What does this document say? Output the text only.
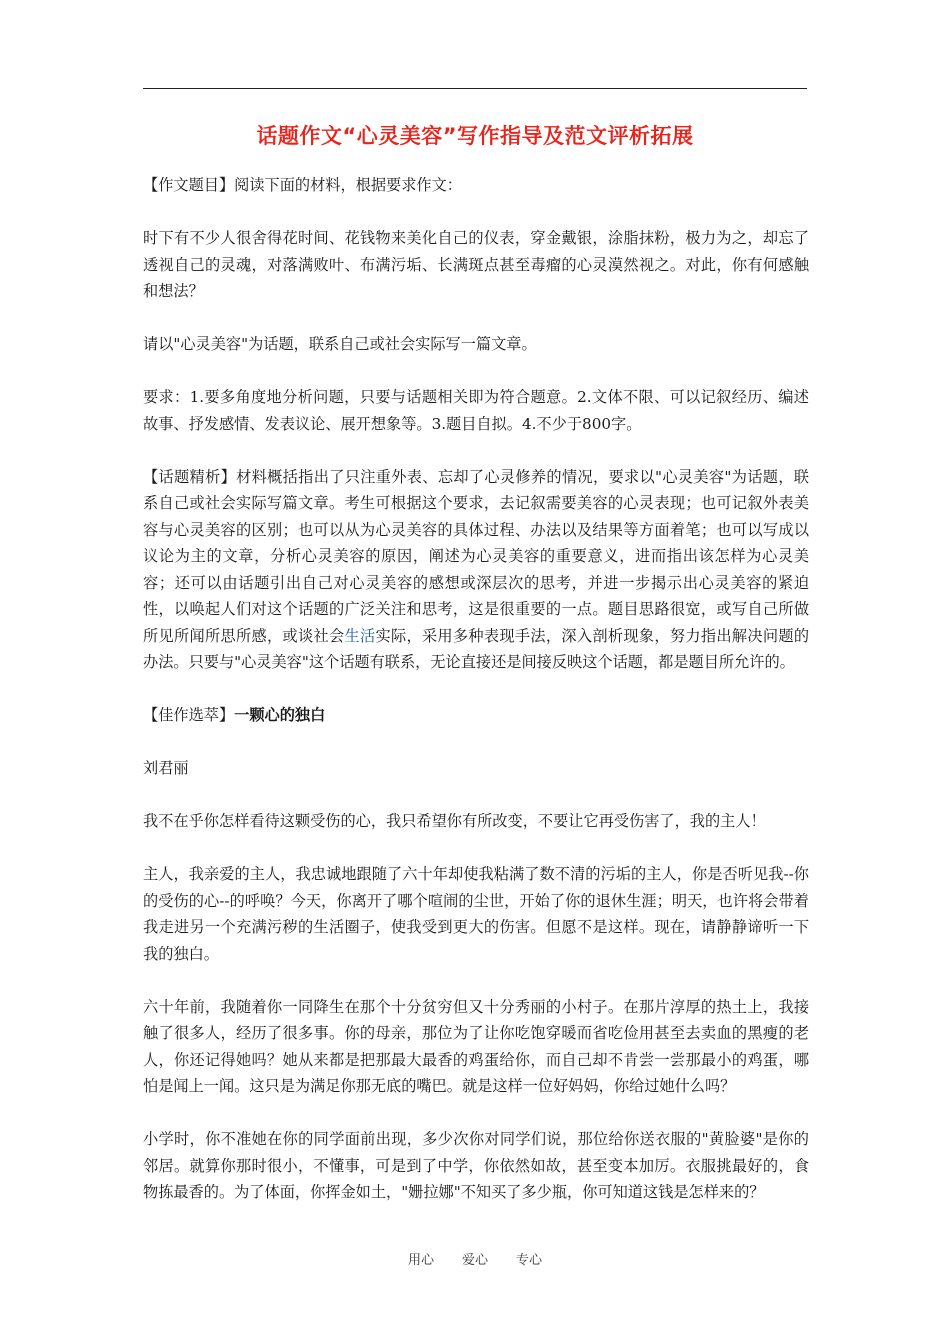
话题作文“心灵美容”写作指导及范文评析拓展

【作文题目】阅读下面的材料，根据要求作文：

时下有不少人很舍得花时间、花钱物来美化自己的仪表，穿金戴银，涂脂抹粉，极力为之，却忘了透视自己的灵魂，对落满败叶、布满污垢、长满斑点甚至毒瘤的心灵漠然视之。对此，你有何感触和想法？

请以"心灵美容"为话题，联系自己或社会实际写一篇文章。

要求：1.要多角度地分析问题，只要与话题相关即为符合题意。2.文体不限、可以记叙经历、编述故事、抒发感情、发表议论、展开想象等。3.题目自拟。4.不少于800字。

【话题精析】材料概括指出了只注重外表、忘却了心灵修养的情况，要求以"心灵美容"为话题，联系自己或社会实际写篇文章。考生可根据这个要求，去记叙需要美容的心灵表现；也可记叙外表美容与心灵美容的区别；也可以从为心灵美容的具体过程、办法以及结果等方面着笔；也可以写成以议论为主的文章，分析心灵美容的原因，阐述为心灵美容的重要意义，进而指出该怎样为心灵美容；还可以由话题引出自己对心灵美容的感想或深层次的思考，并进一步揭示出心灵美容的紧迫性，以唤起人们对这个话题的广泛关注和思考，这是很重要的一点。题目思路很宽，或写自己所做所见所闻所思所感，或谈社会生活实际，采用多种表现手法，深入剖析现象，努力指出解决问题的办法。只要与"心灵美容"这个话题有联系，无论直接还是间接反映这个话题，都是题目所允许的。

【佳作选萃】一颗心的独白

刘君丽

我不在乎你怎样看待这颗受伤的心，我只希望你有所改变，不要让它再受伤害了，我的主人！

主人，我亲爱的主人，我忠诚地跟随了六十年却使我粘满了数不清的污垢的主人，你是否听见我--你的受伤的心--的呼唤？今天，你离开了哪个喧闹的尘世，开始了你的退休生涯；明天，也许将会带着我走进另一个充满污秽的生活圈子，使我受到更大的伤害。但愿不是这样。现在，请静静谛听一下我的独白。

六十年前，我随着你一同降生在那个十分贫穷但又十分秀丽的小村子。在那片淳厚的热土上，我接触了很多人，经历了很多事。你的母亲，那位为了让你吃饱穿暖而省吃俭用甚至去卖血的黑瘦的老人，你还记得她吗？她从来都是把那最大最香的鸡蛋给你，而自己却不肯尝一尝那最小的鸡蛋，哪怕是闻上一闻。这只是为满足你那无底的嘴巴。就是这样一位好妈妈，你给过她什么吗？

小学时，你不准她在你的同学面前出现，多少次你对同学们说，那位给你送衣服的"黄脸婆"是你的邻居。就算你那时很小，不懂事，可是到了中学，你依然如故，甚至变本加厉。衣服挑最好的，食物拣最香的。为了体面，你挥金如土，"姗拉娜"不知买了多少瓶，你可知道这钱是怎样来的？

用心 爱心 专心
